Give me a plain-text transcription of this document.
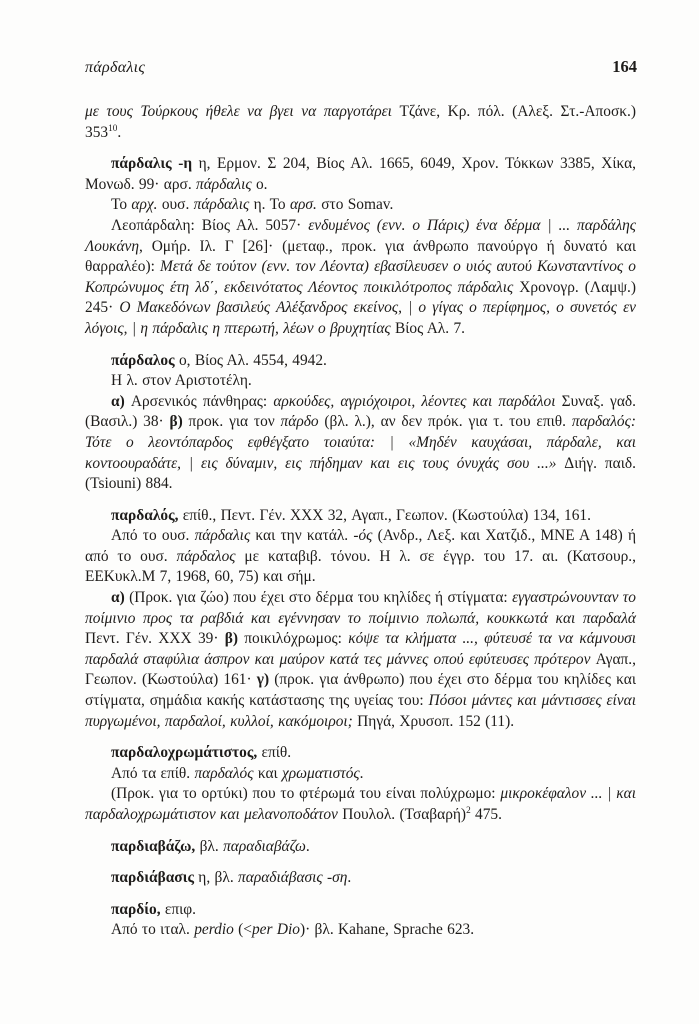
πάρδαλις	164

με τους Τούρκους ήθελε να βγει να παργοτάρει Τζάνε, Κρ. πόλ. (Αλεξ. Στ.-Αποσκ.) $353^{10}$.

πάρδαλις -η η, Ερμον. Σ 204, Βίος Αλ. 1665, 6049, Χρον. Τόκκων 3385, Χίκα, Μονωδ. 99· αρσ. πάρδαλις ο.

Το αρχ. ουσ. πάρδαλις η. Το αρσ. στο Somav.

Λεοπάρδαλη: Βίος Αλ. 5057· ενδυμένος (ενν. ο Πάρις) ένα δέρμα | ... παρδάλης Λουκάνη, Ομήρ. Ιλ. Γ [26]· (μεταφ., προκ. για άνθρωπο πανούργο ή δυνατό και θαρραλέο): Μετά δε τούτον (ενν. τον Λέοντα) εβασίλευσεν ο υιός αυτού Κωνσταντίνος ο Κοπρώνυμος έτη λδ΄, εκδεινότατος Λέοντος ποικιλότροπος πάρδαλις Χρονογρ. (Λαμψ.) 245· Ο Μακεδόνων βασιλεύς Αλέξανδρος εκείνος, | ο γίγας ο περίφημος, ο συνετός εν λόγοις, | η πάρδαλις η πτερωτή, λέων ο βρυχητίας Βίος Αλ. 7.

πάρδαλος ο, Βίος Αλ. 4554, 4942.

Η λ. στον Αριστοτέλη.

α) Αρσενικός πάνθηρας: αρκούδες, αγριόχοιροι, λέοντες και παρδάλοι Συναξ. γαδ. (Βασιλ.) 38· β) προκ. για τον πάρδο (βλ. λ.), αν δεν πρόκ. για τ. του επιθ. παρδαλός: Τότε ο λεοντόπαρδος εφθέγξατο τοιαύτα: | «Μηδέν καυχάσαι, πάρδαλε, και κοντοουραδάτε, | εις δύναμιν, εις πήδημαν και εις τους όνυχάς σου ...» Διήγ. παιδ. (Tsiouni) 884.

παρδαλός, επίθ., Πεντ. Γέν. XXX 32, Αγαπ., Γεωπον. (Κωστούλα) 134, 161.

Από το ουσ. πάρδαλις και την κατάλ. -ός (Ανδρ., Λεξ. και Χατζιδ., ΜΝΕ Α 148) ή από το ουσ. πάρδαλος με καταβιβ. τόνου. Η λ. σε έγγρ. του 17. αι. (Κατσουρ., ΕΕΚυκλ.Μ 7, 1968, 60, 75) και σήμ.

α) (Προκ. για ζώο) που έχει στο δέρμα του κηλίδες ή στίγματα: εγγαστρώνουνταν το ποίμινιο προς τα ραβδιά και εγέννησαν το ποίμινιο πολωπά, κουκκωτά και παρδαλά Πεντ. Γέν. XXX 39· β) ποικιλόχρωμος: κόψε τα κλήματα ..., φύτευσέ τα να κάμνουσι παρδαλά σταφύλια άσπρον και μαύρον κατά τες μάννες οπού εφύτευσες πρότερον Αγαπ., Γεωπον. (Κωστούλα) 161· γ) (προκ. για άνθρωπο) που έχει στο δέρμα του κηλίδες και στίγματα, σημάδια κακής κατάστασης της υγείας του: Πόσοι μάντες και μάντισσες είναι πυργωμένοι, παρδαλοί, κυλλοί, κακόμοιροι; Πηγά, Χρυσοπ. 152 (11).

παρδαλοχρωμάτιστος, επίθ.

Από τα επίθ. παρδαλός και χρωματιστός.

(Προκ. για το ορτύκι) που το φτέρωμά του είναι πολύχρωμο: μικροκέφαλον ... | και παρδαλοχρωμάτιστον και μελανοποδάτον Πουλολ. $(T\sigma\alpha\beta\alpha\rho ή)^2$ 475.

παρδιαβάζω, βλ. παραδιαβάζω.

παρδιάβασις η, βλ. παραδιάβασις -ση.

παρδίο, επιφ.

Από το ιταλ. perdio (<per Dio)· βλ. Kahane, Sprache 623.
